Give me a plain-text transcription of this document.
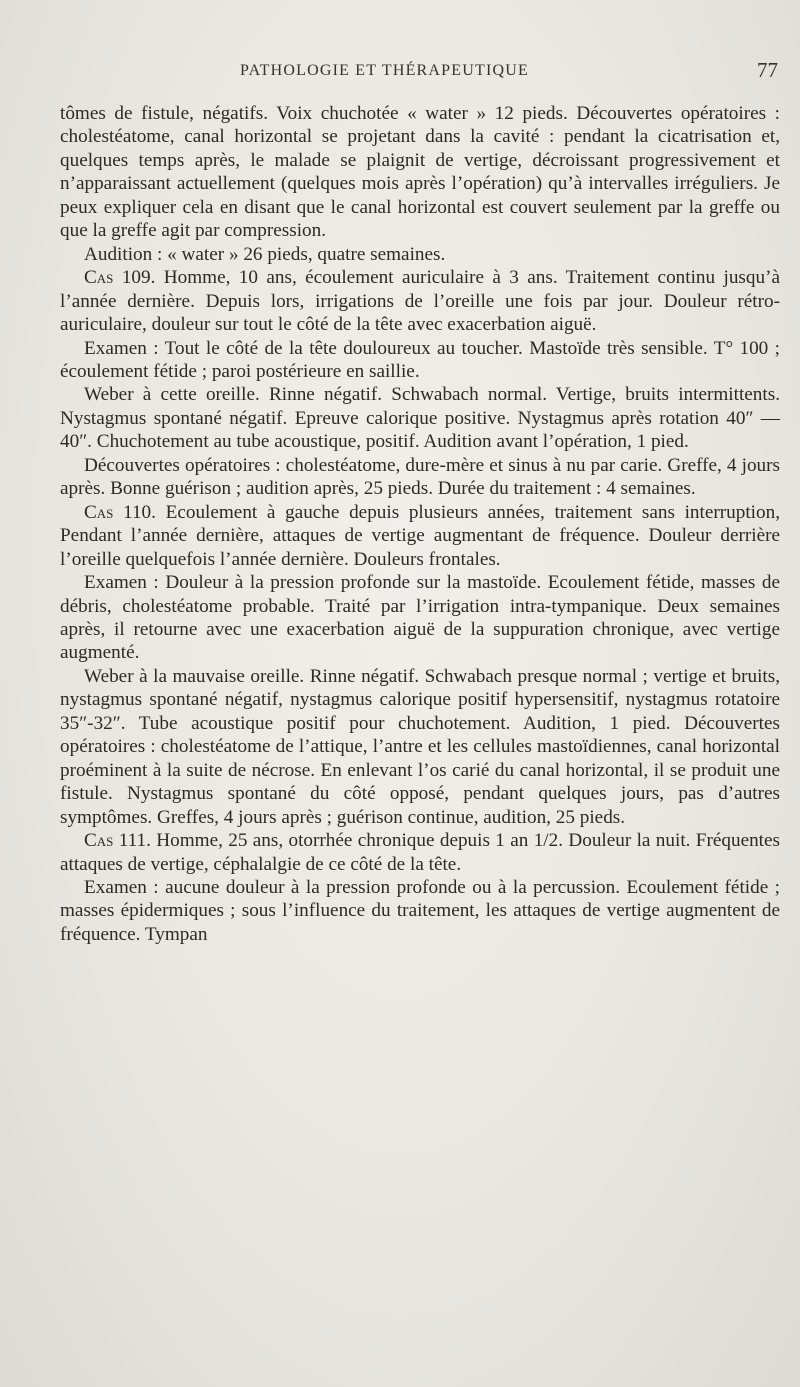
PATHOLOGIE ET THÉRAPEUTIQUE	77

tômes de fistule, négatifs. Voix chuchotée « water » 12 pieds. Découvertes opératoires : cholestéatome, canal horizontal se projetant dans la cavité : pendant la cicatrisation et, quelques temps après, le malade se plaignit de vertige, décroissant progressivement et n’apparaissant actuellement (quelques mois après l’opération) qu’à intervalles irréguliers. Je peux expliquer cela en disant que le canal horizontal est couvert seulement par la greffe ou que la greffe agit par compression.

Audition : « water » 26 pieds, quatre semaines.

Cas 109. Homme, 10 ans, écoulement auriculaire à 3 ans. Traitement continu jusqu’à l’année dernière. Depuis lors, irrigations de l’oreille une fois par jour. Douleur rétro-auriculaire, douleur sur tout le côté de la tête avec exacerbation aiguë.

Examen : Tout le côté de la tête douloureux au toucher. Mastoïde très sensible. T° 100 ; écoulement fétide ; paroi postérieure en saillie.

Weber à cette oreille. Rinne négatif. Schwabach normal. Vertige, bruits intermittents. Nystagmus spontané négatif. Epreuve calorique positive. Nystagmus après rotation 40″ — 40″. Chuchotement au tube acoustique, positif. Audition avant l’opération, 1 pied.

Découvertes opératoires : cholestéatome, dure-mère et sinus à nu par carie. Greffe, 4 jours après. Bonne guérison ; audition après, 25 pieds. Durée du traitement : 4 semaines.

Cas 110. Ecoulement à gauche depuis plusieurs années, traitement sans interruption, Pendant l’année dernière, attaques de vertige augmentant de fréquence. Douleur derrière l’oreille quelquefois l’année dernière. Douleurs frontales.

Examen : Douleur à la pression profonde sur la mastoïde. Ecoulement fétide, masses de débris, cholestéatome probable. Traité par l’irrigation intra-tympanique. Deux semaines après, il retourne avec une exacerbation aiguë de la suppuration chronique, avec vertige augmenté.

Weber à la mauvaise oreille. Rinne négatif. Schwabach presque normal ; vertige et bruits, nystagmus spontané négatif, nystagmus calorique positif hypersensitif, nystagmus rotatoire 35″-32″. Tube acoustique positif pour chuchotement. Audition, 1 pied. Découvertes opératoires : cholestéatome de l’attique, l’antre et les cellules mastoïdiennes, canal horizontal proéminent à la suite de nécrose. En enlevant l’os carié du canal horizontal, il se produit une fistule. Nystagmus spontané du côté opposé, pendant quelques jours, pas d’autres symptômes. Greffes, 4 jours après ; guérison continue, audition, 25 pieds.

Cas 111. Homme, 25 ans, otorrhée chronique depuis 1 an 1/2. Douleur la nuit. Fréquentes attaques de vertige, céphalalgie de ce côté de la tête.

Examen : aucune douleur à la pression profonde ou à la percussion. Ecoulement fétide ; masses épidermiques ; sous l’influence du traitement, les attaques de vertige augmentent de fréquence. Tympan
